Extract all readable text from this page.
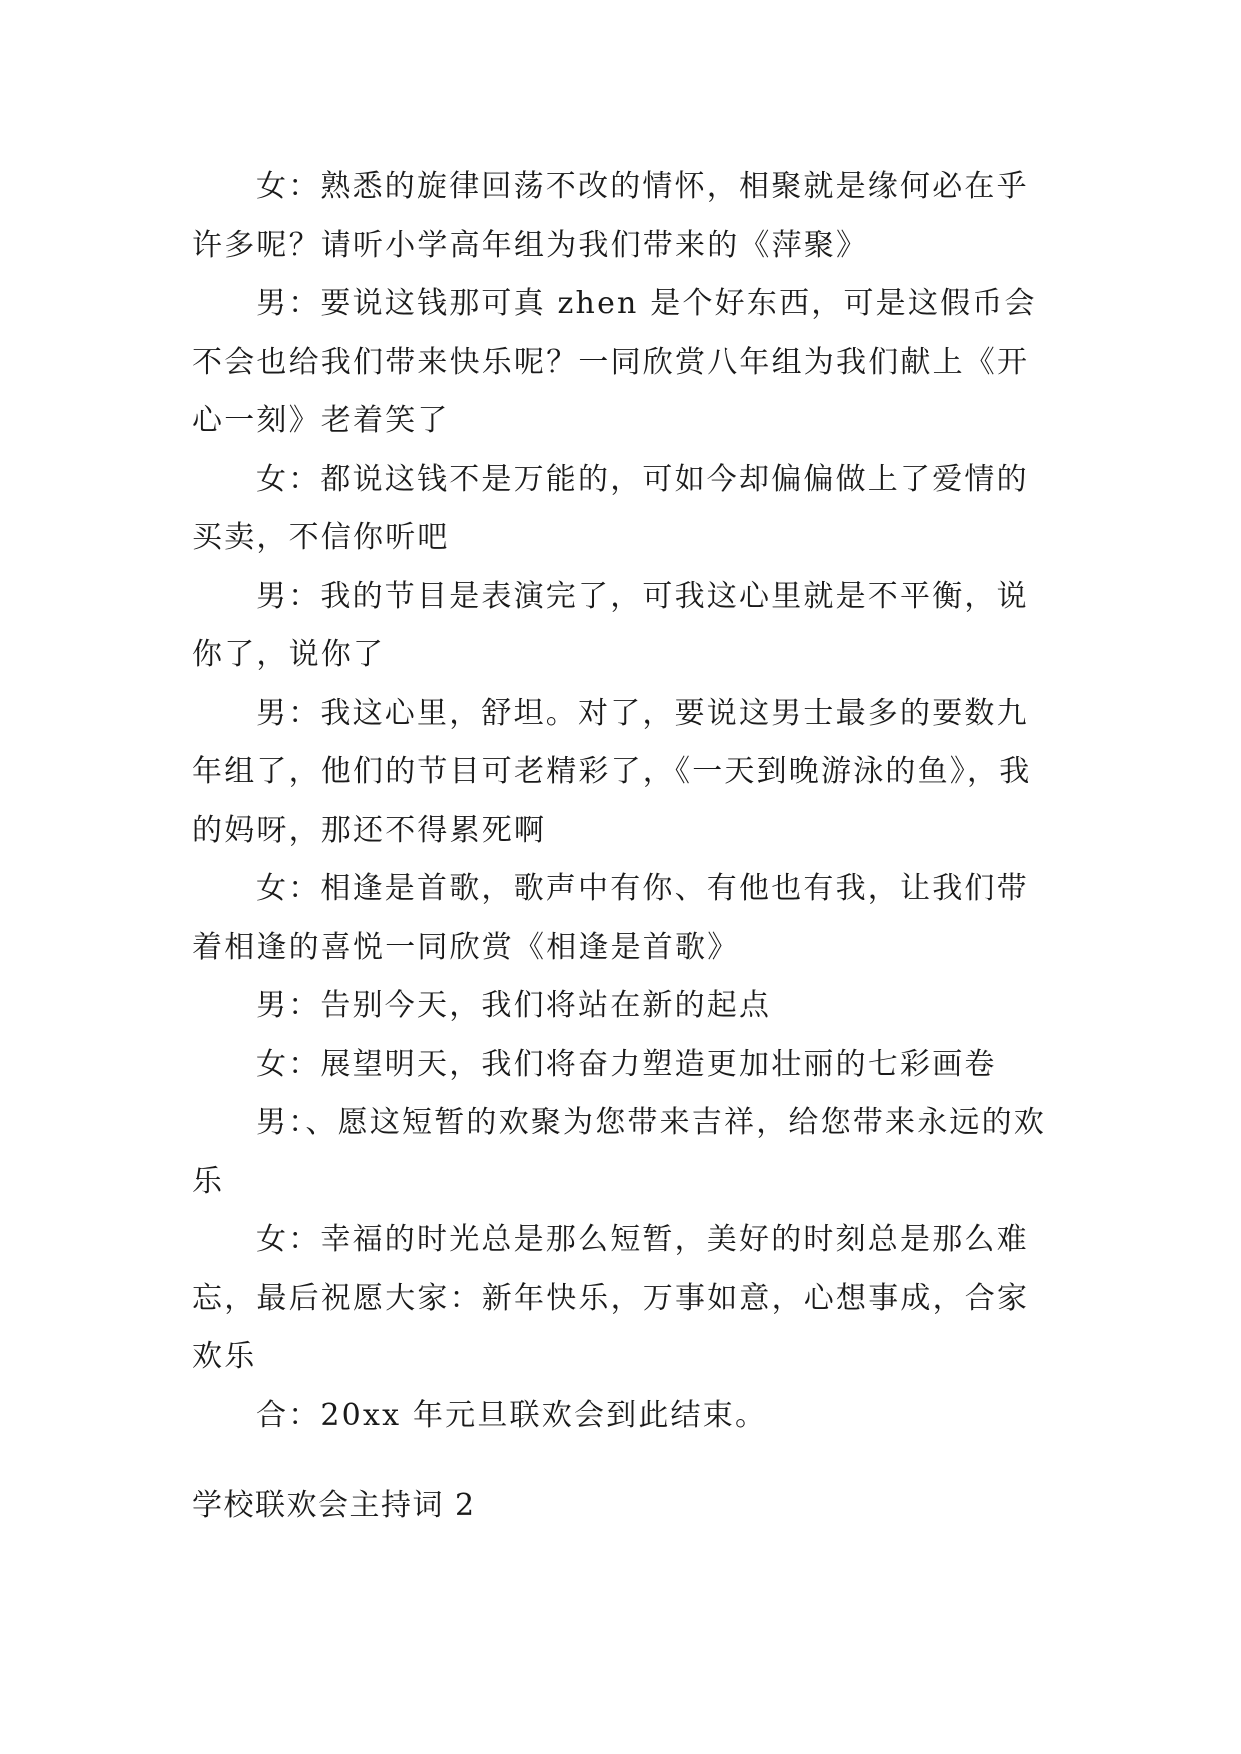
女：熟悉的旋律回荡不改的情怀，相聚就是缘何必在乎许多呢？请听小学高年组为我们带来的《萍聚》

男：要说这钱那可真 zhen 是个好东西，可是这假币会不会也给我们带来快乐呢？一同欣赏八年组为我们献上《开心一刻》老着笑了

女：都说这钱不是万能的，可如今却偏偏做上了爱情的买卖，不信你听吧

男：我的节目是表演完了，可我这心里就是不平衡，说你了，说你了

男：我这心里，舒坦。对了，要说这男士最多的要数九年组了，他们的节目可老精彩了，《一天到晚游泳的鱼》，我的妈呀，那还不得累死啊

女：相逢是首歌，歌声中有你、有他也有我，让我们带着相逢的喜悦一同欣赏《相逢是首歌》

男：告别今天，我们将站在新的起点

女：展望明天，我们将奋力塑造更加壮丽的七彩画卷

男：、愿这短暂的欢聚为您带来吉祥，给您带来永远的欢乐

女：幸福的时光总是那么短暂，美好的时刻总是那么难忘，最后祝愿大家：新年快乐，万事如意，心想事成，合家欢乐

合：20xx 年元旦联欢会到此结束。

学校联欢会主持词 2
